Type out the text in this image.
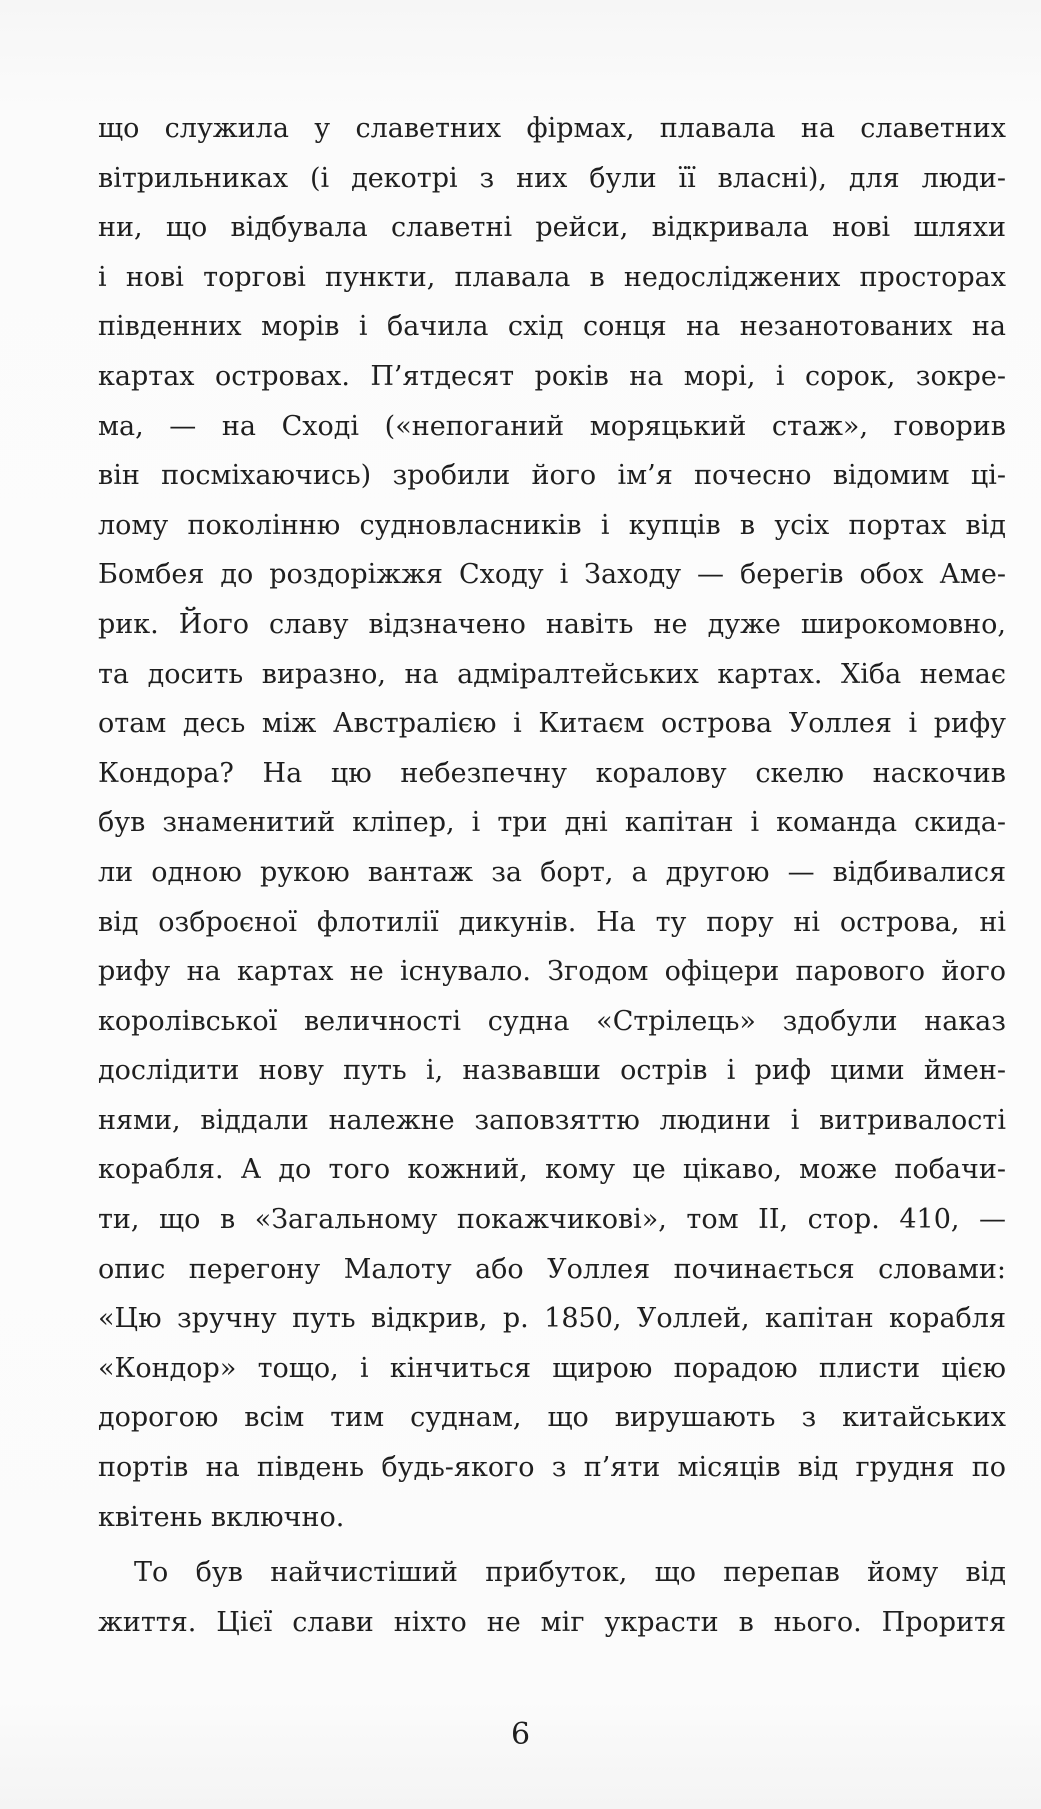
що служила у славетних фірмах, плавала на славетних
вітрильниках (і декотрі з них були її власні), для люди-
ни, що відбувала славетні рейси, відкривала нові шляхи
і нові торгові пункти, плавала в недосліджених просторах
південних морів і бачила схід сонця на незанотованих на
картах островах. П’ятдесят років на морі, і сорок, зокре-
ма, — на Сході («непоганий моряцький стаж», говорив
він посміхаючись) зробили його ім’я почесно відомим ці-
лому поколінню судновласників і купців в усіх портах від
Бомбея до роздоріжжя Сходу і Заходу — берегів обох Аме-
рик. Його славу відзначено навіть не дуже широкомовно,
та досить виразно, на адміралтейських картах. Хіба немає
отам десь між Австралією і Китаєм острова Уоллея і рифу
Кондора? На цю небезпечну коралову скелю наскочив
був знаменитий кліпер, і три дні капітан і команда скида-
ли одною рукою вантаж за борт, а другою — відбивалися
від озброєної флотилії дикунів. На ту пору ні острова, ні
рифу на картах не існувало. Згодом офіцери парового його
королівської величності судна «Стрілець» здобули наказ
дослідити нову путь і, назвавши острів і риф цими ймен-
нями, віддали належне заповзяттю людини і витривалості
корабля. А до того кожний, кому це цікаво, може побачи-
ти, що в «Загальному покажчикові», том II, стор. 410, —
опис перегону Малоту або Уоллея починається словами:
«Цю зручну путь відкрив, р. 1850, Уоллей, капітан корабля
«Кондор» тощо, і кінчиться щирою порадою плисти цією
дорогою всім тим суднам, що вирушають з китайських
портів на південь будь-якого з п’яти місяців від грудня по
квітень включно.
То був найчистіший прибуток, що перепав йому від
життя. Цієї слави ніхто не міг украсти в нього. Проритя
6
